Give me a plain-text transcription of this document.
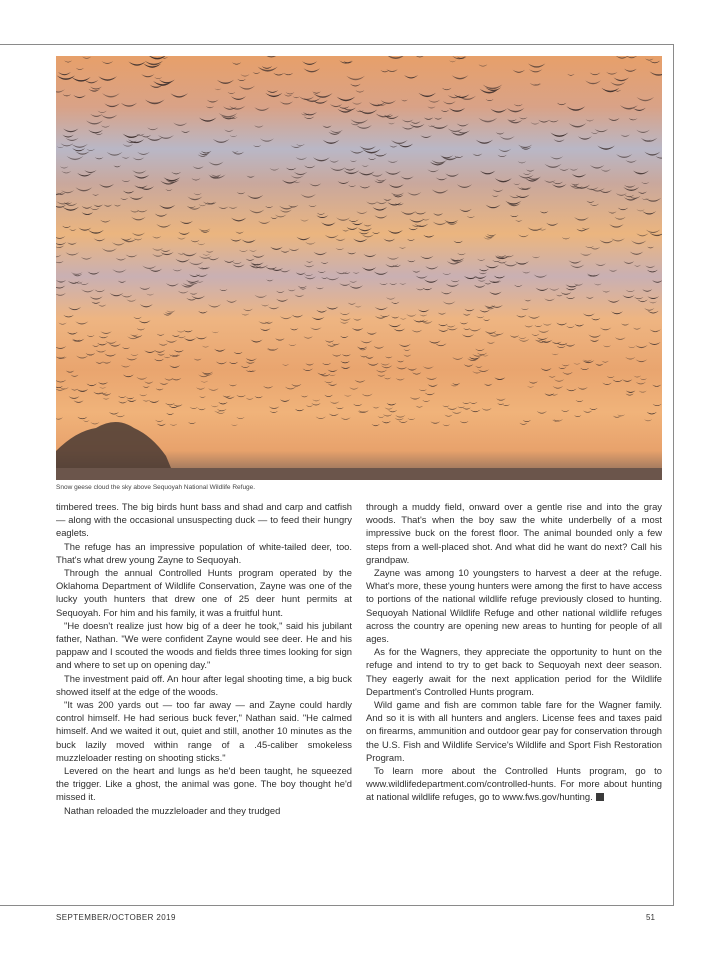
Snow geese cloud the sky above Sequoyah National Wildlife Refuge.

timbered trees. The big birds hunt bass and shad and carp and catfish — along with the occasional unsuspecting duck — to feed their hungry eaglets.

The refuge has an impressive population of white-tailed deer, too. That's what drew young Zayne to Sequoyah.

Through the annual Controlled Hunts program operated by the Oklahoma Department of Wildlife Conservation, Zayne was one of the lucky youth hunters that drew one of 25 deer hunt permits at Sequoyah. For him and his family, it was a fruitful hunt.

"He doesn't realize just how big of a deer he took," said his jubilant father, Nathan. "We were confident Zayne would see deer. He and his pappaw and I scouted the woods and fields three times looking for sign and where to set up on opening day."

The investment paid off. An hour after legal shooting time, a big buck showed itself at the edge of the woods.

"It was 200 yards out — too far away — and Zayne could hardly control himself. He had serious buck fever," Nathan said. "He calmed himself. And we waited it out, quiet and still, another 10 minutes as the buck lazily moved within range of a .45-caliber smokeless muzzleloader resting on shooting sticks."

Levered on the heart and lungs as he'd been taught, he squeezed the trigger. Like a ghost, the animal was gone. The boy thought he'd missed it.

Nathan reloaded the muzzleloader and they trudged

through a muddy field, onward over a gentle rise and into the gray woods. That's when the boy saw the white underbelly of a most impressive buck on the forest floor. The animal bounded only a few steps from a well-placed shot. And what did he want do next? Call his grandpaw.

Zayne was among 10 youngsters to harvest a deer at the refuge. What's more, these young hunters were among the first to have access to portions of the national wildlife refuge previously closed to hunting. Sequoyah National Wildlife Refuge and other national wildlife refuges across the country are opening new areas to hunting for people of all ages.

As for the Wagners, they appreciate the opportunity to hunt on the refuge and intend to try to get back to Sequoyah next deer season. They eagerly await for the next application period for the Wildlife Department's Controlled Hunts program.

Wild game and fish are common table fare for the Wagner family. And so it is with all hunters and anglers. License fees and taxes paid on firearms, ammunition and outdoor gear pay for conservation through the U.S. Fish and Wildlife Service's Wildlife and Sport Fish Restoration Program.

To learn more about the Controlled Hunts program, go to www.wildlifedepartment.com/controlled-hunts. For more about hunting at national wildlife refuges, go to www.fws.gov/hunting.

SEPTEMBER/OCTOBER 2019	51
